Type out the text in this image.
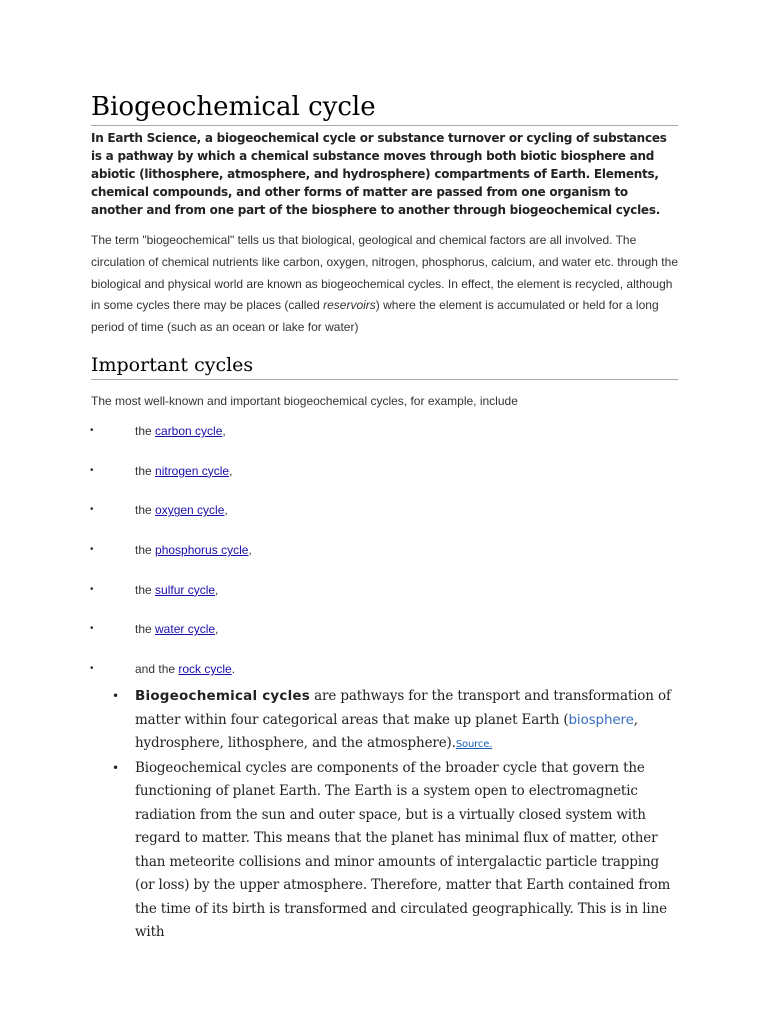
Biogeochemical cycle

In Earth Science, a biogeochemical cycle or substance turnover or cycling of substances is a pathway by which a chemical substance moves through both biotic biosphere and abiotic (lithosphere, atmosphere, and hydrosphere) compartments of Earth. Elements, chemical compounds, and other forms of matter are passed from one organism to another and from one part of the biosphere to another through biogeochemical cycles.

The term "biogeochemical" tells us that biological, geological and chemical factors are all involved. The circulation of chemical nutrients like carbon, oxygen, nitrogen, phosphorus, calcium, and water etc. through the biological and physical world are known as biogeochemical cycles. In effect, the element is recycled, although in some cycles there may be places (called reservoirs) where the element is accumulated or held for a long period of time (such as an ocean or lake for water)

Important cycles

The most well-known and important biogeochemical cycles, for example, include

•	the carbon cycle,
•	the nitrogen cycle,
•	the oxygen cycle,
•	the phosphorus cycle,
•	the sulfur cycle,
•	the water cycle,
•	and the rock cycle.
• Biogeochemical cycles are pathways for the transport and transformation of matter within four categorical areas that make up planet Earth (biosphere, hydrosphere, lithosphere, and the atmosphere).Source.
• Biogeochemical cycles are components of the broader cycle that govern the functioning of planet Earth. The Earth is a system open to electromagnetic radiation from the sun and outer space, but is a virtually closed system with regard to matter. This means that the planet has minimal flux of matter, other than meteorite collisions and minor amounts of intergalactic particle trapping (or loss) by the upper atmosphere. Therefore, matter that Earth contained from the time of its birth is transformed and circulated geographically. This is in line with
